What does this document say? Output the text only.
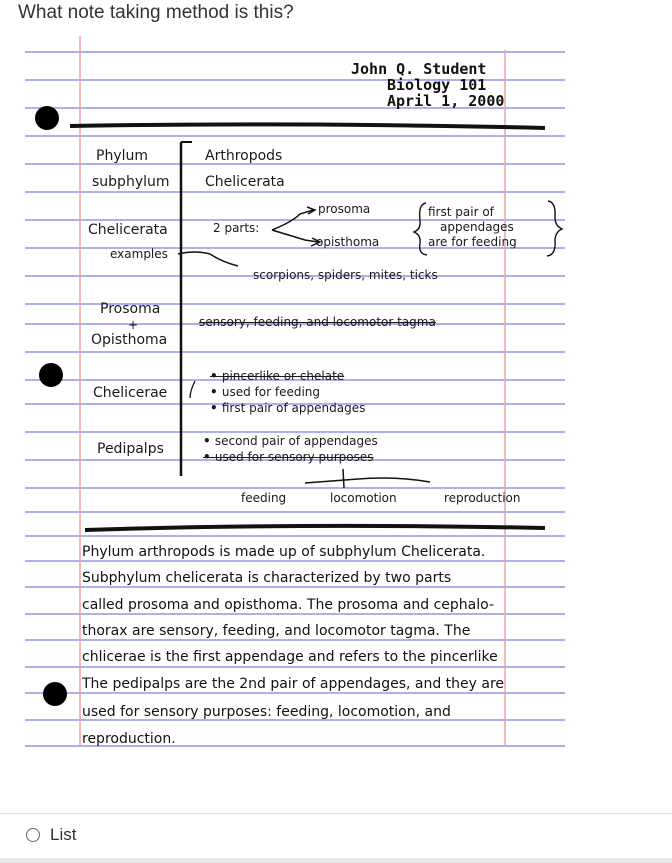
What note taking method is this?
John Q. Student
Biology 101
April 1, 2000
Phylum
subphylum
Chelicerata
examples
Prosoma
+
Opisthoma
Chelicerae
Pedipalps
Arthropods
Chelicerata
2 parts:
prosoma
opisthoma
first pair of
appendages
are for feeding
scorpions, spiders, mites, ticks
sensory, feeding, and locomotor tagma
• pincerlike or chelate
• used for feeding
• first pair of appendages
• second pair of appendages
• used for sensory purposes
feeding	locomotion	reproduction
Phylum arthropods is made up of subphylum Chelicerata.
Subphylum chelicerata is characterized by two parts
called prosoma and opisthoma. The prosoma and cephalo-
thorax are sensory, feeding, and locomotor tagma. The
chlicerae is the first appendage and refers to the pincerlike
The pedipalps are the 2nd pair of appendages, and they are
used for sensory purposes: feeding, locomotion, and
reproduction.
List
